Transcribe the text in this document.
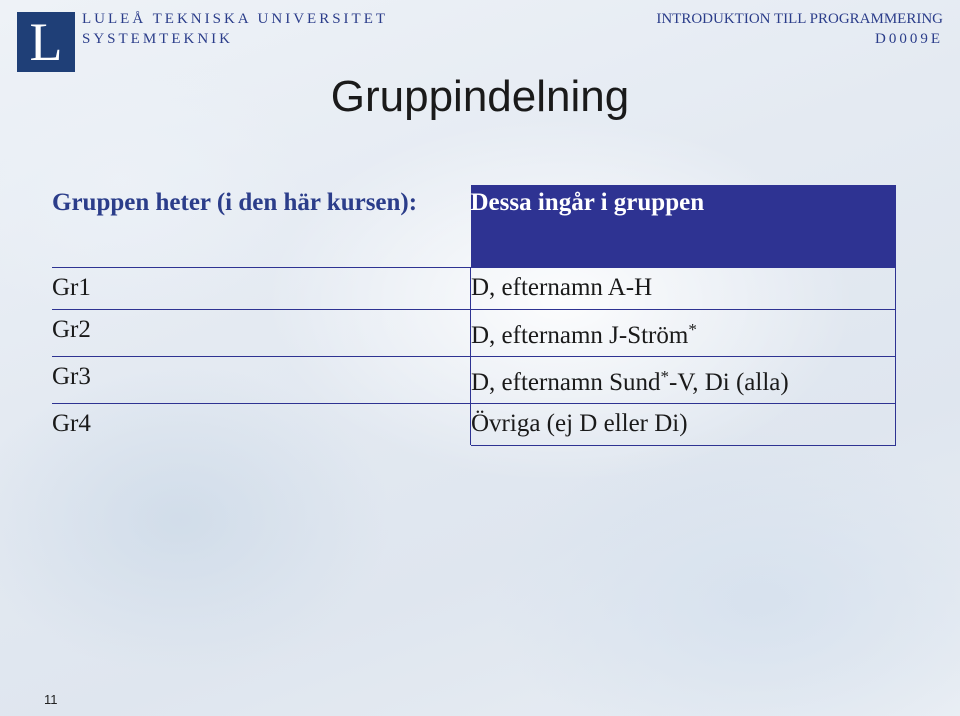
L	LULEÅ TEKNISKA UNIVERSITET
SYSTEMTEKNIK
INTRODUKTION TILL PROGRAMMERING
D0009E
Gruppindelning
Gruppen heter (i den här kursen):	Dessa ingår i gruppen
Gr1	D, efternamn A-H
Gr2	D, efternamn J-Ström*
Gr3	D, efternamn Sund*-V, Di (alla)
Gr4	Övriga (ej D eller Di)
11
